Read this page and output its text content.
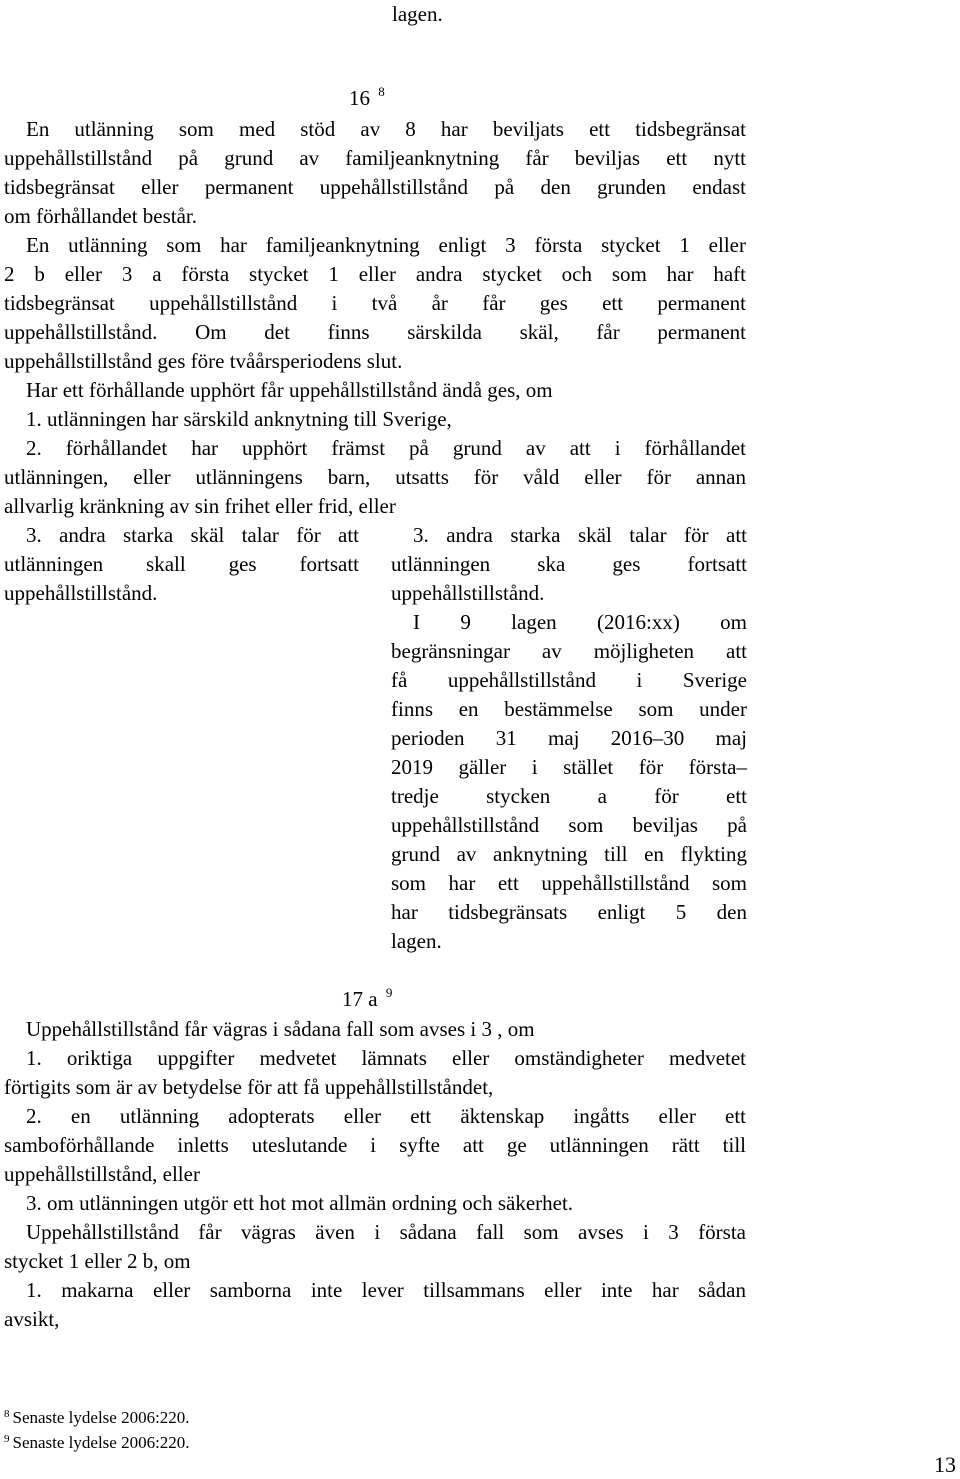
lagen.
16 $^8$
En utlänning som med stöd av 8 har beviljats ett tidsbegränsat
uppehållstillstånd på grund av familjeanknytning får beviljas ett nytt
tidsbegränsat eller permanent uppehållstillstånd på den grunden endast
om förhållandet består.
En utlänning som har familjeanknytning enligt 3 första stycket 1 eller
2 b eller 3 a första stycket 1 eller andra stycket och som har haft
tidsbegränsat uppehållstillstånd i två år får ges ett permanent
uppehållstillstånd. Om det finns särskilda skäl, får permanent
uppehållstillstånd ges före tvåårsperiodens slut.
Har ett förhållande upphört får uppehållstillstånd ändå ges, om
1. utlänningen har särskild anknytning till Sverige,
2. förhållandet har upphört främst på grund av att i förhållandet
utlänningen, eller utlänningens barn, utsatts för våld eller för annan
allvarlig kränkning av sin frihet eller frid, eller
3. andra starka skäl talar för att
utlänningen skall ges fortsatt
uppehållstillstånd.
3. andra starka skäl talar för att
utlänningen ska ges fortsatt
uppehållstillstånd.
I 9 lagen (2016:xx) om
begränsningar av möjligheten att
få uppehållstillstånd i Sverige
finns en bestämmelse som under
perioden 31 maj 2016–30 maj
2019 gäller i stället för första–
tredje stycken a för ett
uppehållstillstånd som beviljas på
grund av anknytning till en flykting
som har ett uppehållstillstånd som
har tidsbegränsats enligt 5 den
lagen.
17 a $^9$
Uppehållstillstånd får vägras i sådana fall som avses i 3 , om
1. oriktiga uppgifter medvetet lämnats eller omständigheter medvetet
förtigits som är av betydelse för att få uppehållstillståndet,
2. en utlänning adopterats eller ett äktenskap ingåtts eller ett
samboförhållande inletts uteslutande i syfte att ge utlänningen rätt till
uppehållstillstånd, eller
3. om utlänningen utgör ett hot mot allmän ordning och säkerhet.
Uppehållstillstånd får vägras även i sådana fall som avses i 3 första
stycket 1 eller 2 b, om
1. makarna eller samborna inte lever tillsammans eller inte har sådan
avsikt,
$^8$ Senaste lydelse 2006:220.
$^9$ Senaste lydelse 2006:220.
13
